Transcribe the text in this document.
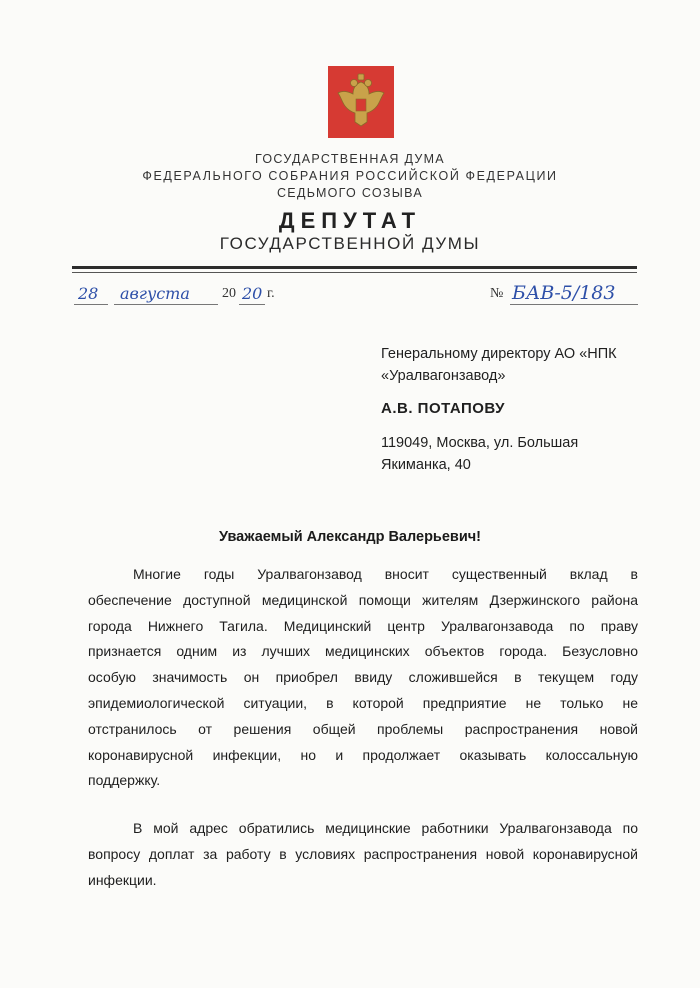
ГОСУДАРСТВЕННАЯ ДУМА
ФЕДЕРАЛЬНОГО СОБРАНИЯ РОССИЙСКОЙ ФЕДЕРАЦИИ
СЕДЬМОГО СОЗЫВА
ДЕПУТАТ
ГОСУДАРСТВЕННОЙ ДУМЫ
28 августа 20 20 г.	№ БАВ-5/183
Генеральному директору АО «НПК
«Уралвагонзавод»
А.В. ПОТАПОВУ
119049, Москва, ул. Большая
Якиманка, 40
Уважаемый Александр Валерьевич!
Многие годы Уралвагонзавод вносит существенный вклад в
обеспечение доступной медицинской помощи жителям Дзержинского района
города Нижнего Тагила. Медицинский центр Уралвагонзавода по праву
признается одним из лучших медицинских объектов города. Безусловно
особую значимость он приобрел ввиду сложившейся в текущем году
эпидемиологической ситуации, в которой предприятие не только не
отстранилось от решения общей проблемы распространения новой
коронавирусной инфекции, но и продолжает оказывать колоссальную
поддержку.
В мой адрес обратились медицинские работники Уралвагонзавода по
вопросу доплат за работу в условиях распространения новой коронавирусной
инфекции.
